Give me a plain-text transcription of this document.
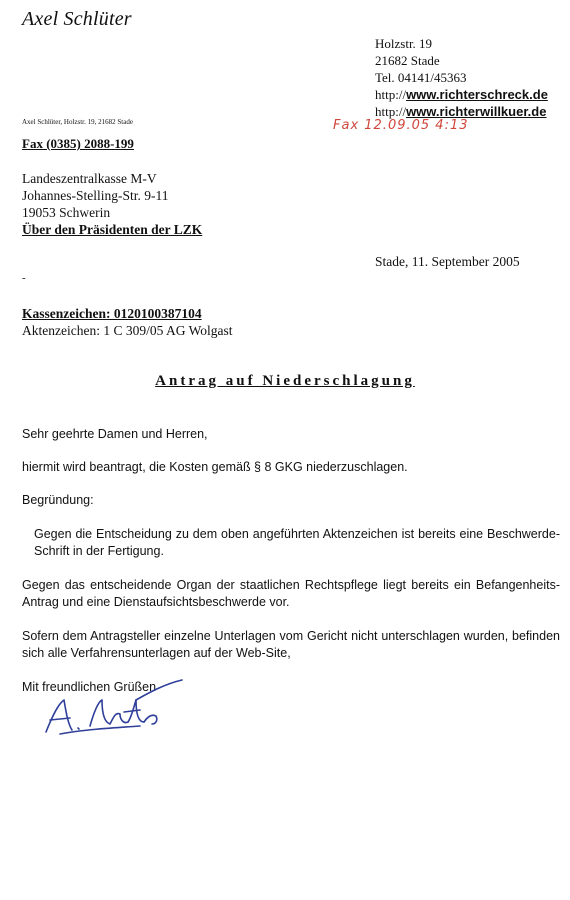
Axel Schlüter
Holzstr. 19
21682 Stade
Tel. 04141/45363
http://www.richterschreck.de
http://www.richterwillkuer.de
Axel Schlüter, Holzstr. 19, 21682 Stade	Fax 12.09.05 4:13
Fax (0385) 2088-199
Landeszentralkasse M-V
Johannes-Stelling-Str. 9-11
19053 Schwerin
Über den Präsidenten der LZK
Stade, 11. September 2005
-
Kassenzeichen: 0120100387104
Aktenzeichen: 1 C 309/05 AG Wolgast
Antrag auf Niederschlagung
Sehr geehrte Damen und Herren,
hiermit wird beantragt, die Kosten gemäß § 8 GKG niederzuschlagen.
Begründung:
Gegen die Entscheidung zu dem oben angeführten Aktenzeichen ist bereits eine Beschwerde-Schrift in der Fertigung.
Gegen das entscheidende Organ der staatlichen Rechtspflege liegt bereits ein Befangenheits-Antrag und eine Dienstaufsichtsbeschwerde vor.
Sofern dem Antragsteller einzelne Unterlagen vom Gericht nicht unterschlagen wurden, befinden sich alle Verfahrensunterlagen auf der Web-Site,
Mit freundlichen Grüßen
